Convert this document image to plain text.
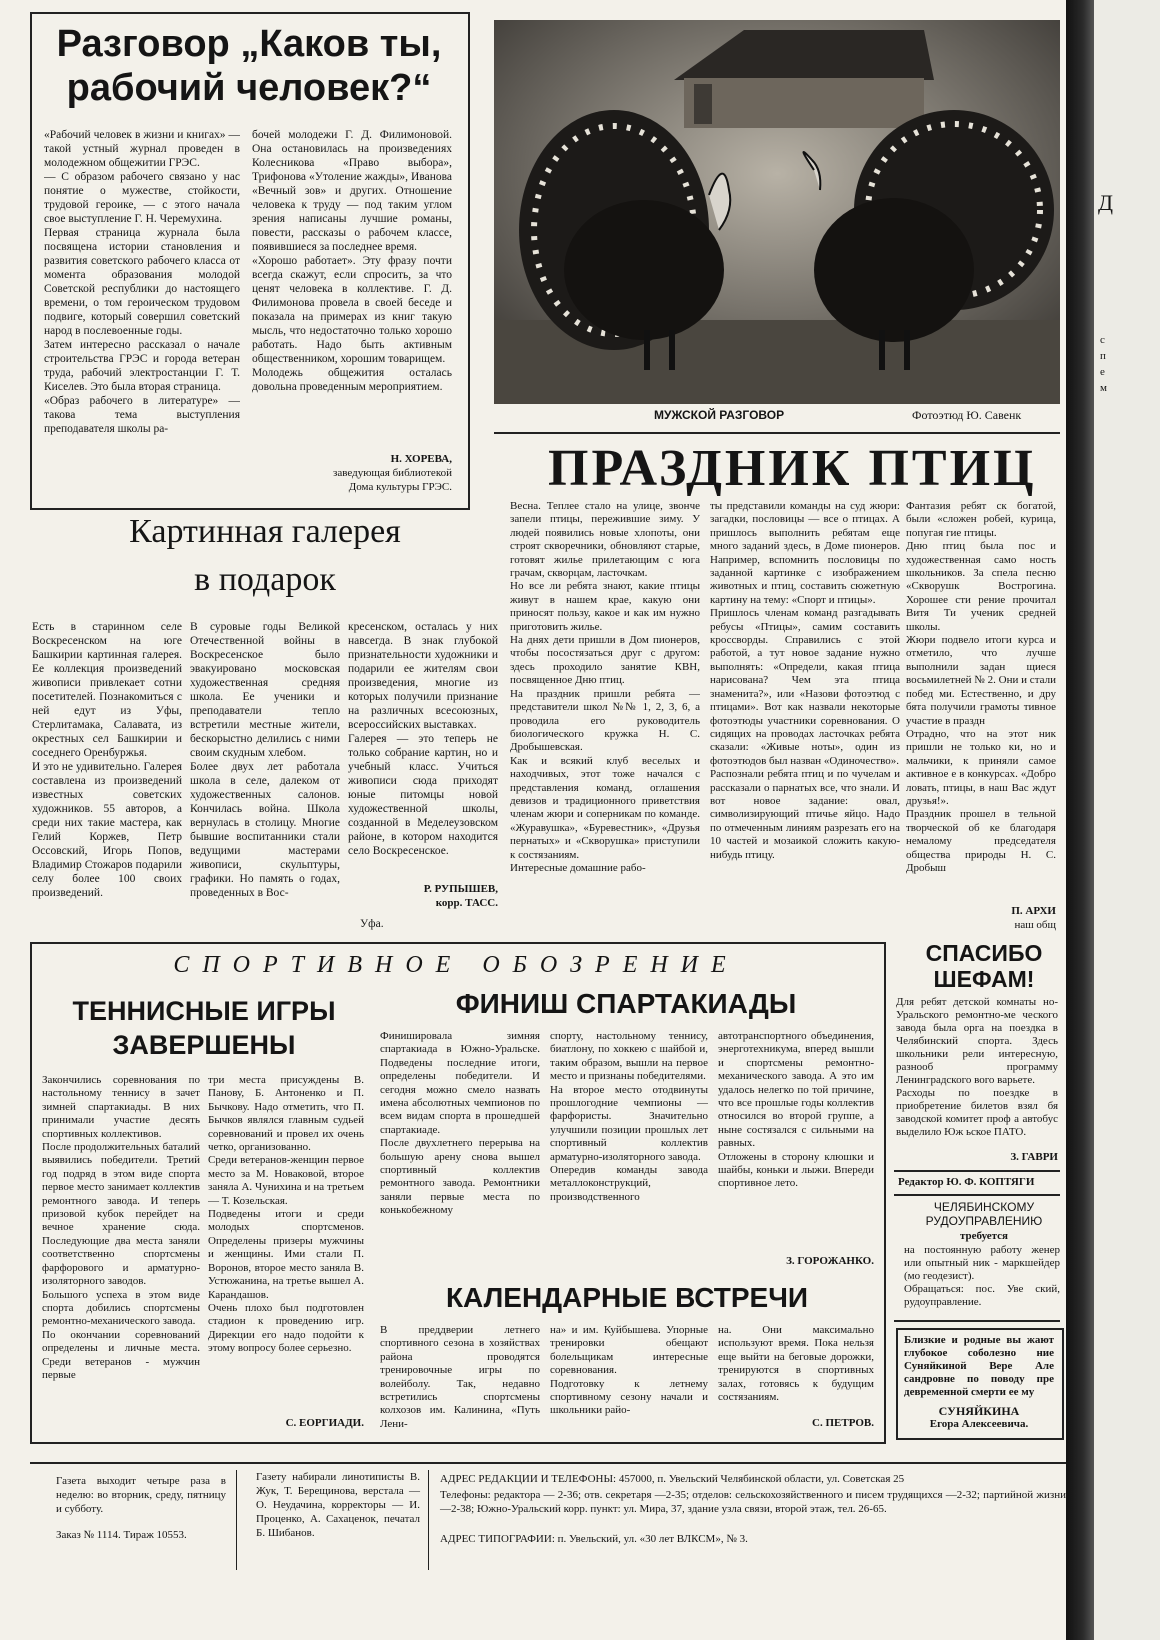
Разговор „Каков ты,
рабочий человек?“
«Рабочий человек в жизни и книгах» — такой устный журнал проведен в молодежном общежитии ГРЭС.
— С образом рабочего связано у нас понятие о мужестве, стойкости, трудовой героике, — с этого начала свое выступление Г. Н. Черемухина.
Первая страница журнала была посвящена истории становления и развития советского рабочего класса от момента образования молодой Советской республики до настоящего времени, о том героическом трудовом подвиге, который совершил советский народ в послевоенные годы.
Затем интересно рассказал о начале строительства ГРЭС и города ветеран труда, рабочий электростанции Г. Т. Киселев. Это была вторая страница.
«Образ рабочего в литературе» — такова тема выступления преподавателя школы ра-
бочей молодежи Г. Д. Филимоновой. Она остановилась на произведениях Колесникова «Право выбора», Трифонова «Утоление жажды», Иванова «Вечный зов» и других. Отношение человека к труду — под таким углом зрения написаны лучшие романы, повести, рассказы о рабочем классе, появившиеся за последнее время.
«Хорошо работает». Эту фразу почти всегда скажут, если спросить, за что ценят человека в коллективе. Г. Д. Филимонова провела в своей беседе и показала на примерах из книг такую мысль, что недостаточно только хорошо работать. Надо быть активным общественником, хорошим товарищем.
Молодежь общежития осталась довольна проведенным мероприятием.
Н. ХОРЕВА,
заведующая библиотекой
Дома культуры ГРЭС.
МУЖСКОЙ РАЗГОВОР	Фотоэтюд Ю. Савенк
ПРАЗДНИК ПТИЦ
Весна. Теплее стало на улице, звонче запели птицы, пережившие зиму. У людей появились новые хлопоты, они строят скворечники, обновляют старые, готовят жилье прилетающим с юга грачам, скворцам, ласточкам.
Но все ли ребята знают, какие птицы живут в нашем крае, какую они приносят пользу, какое и как им нужно приготовить жилье.
На днях дети пришли в Дом пионеров, чтобы посостязаться друг с другом: здесь проходило занятие КВН, посвященное Дню птиц.
На праздник пришли ребята — представители школ №№ 1, 2, 3, 6, а проводила его руководитель биологического кружка Н. С. Дробышевская.
Как и всякий клуб веселых и находчивых, этот тоже начался с представления команд, оглашения девизов и традиционного приветствия членам жюри и соперникам по команде. «Журавушка», «Буревестник», «Друзья пернатых» и «Скворушка» приступили к состязаниям.
Интересные домашние рабо-
ты представили команды на суд жюри: загадки, пословицы — все о птицах. А пришлось выполнить ребятам еще много заданий здесь, в Доме пионеров. Например, вспомнить пословицы по заданной картинке с изображением животных и птиц, составить сюжетную картину на тему: «Спорт и птицы».
Пришлось членам команд разгадывать ребусы «Птицы», самим составить кроссворды. Справились с этой работой, а тут новое задание нужно выполнять: «Определи, какая птица нарисована? Чем эта птица знаменита?», или «Назови фотоэтюд с птицами». Вот как назвали некоторые фотоэтюды участники соревнования. О сидящих на проводах ласточках ребята сказали: «Живые ноты», один из фотоэтюдов был назван «Одиночество».
Распознали ребята птиц и по чучелам и рассказали о парнатых все, что знали. И вот новое задание: овал, символизирующий птичье яйцо. Надо по отмеченным линиям разрезать его на 10 частей и мозаикой сложить какую-нибудь птицу.
Фантазия ребят ск богатой, были «сложен робей, курица, попугая гие птицы.
Дню птиц была пос и художественная само ность школьников. За спела песню «Скворушк Вострогина. Хорошее сти рение прочитал Витя Ти ученик средней школы.
Жюри подвело итоги курса и отметило, что лучше выполнили задан щиеся восьмилетней № 2. Они и стали побед ми. Естественно, и дру бята получили грамоты тивное участие в праздн
Отрадно, что на этот ник пришли не только ки, но и мальчики, к приняли самое активное е в конкурсах. «Добро ловать, птицы, в наш Вас ждут друзья!».
Праздник прошел в тельной творческой об ке благодаря немалому председателя общества природы Н. С. Дробыш
П. АРХИ
наш общ
Картинная галерея
в подарок
Есть в старинном селе Воскресенском на юге Башкирии картинная галерея. Ее коллекция произведений живописи привлекает сотни посетителей. Познакомиться с ней едут из Уфы, Стерлитамака, Салавата, из окрестных сел Башкирии и соседнего Оренбуржья.
И это не удивительно. Галерея составлена из произведений известных советских художников. 55 авторов, а среди них такие мастера, как Гелий Коржев, Петр Оссовский, Игорь Попов, Владимир Стожаров подарили селу более 100 своих произведений.
В суровые годы Великой Отечественной войны в Воскресенское было эвакуировано московская художественная средняя школа. Ее ученики и преподаватели тепло встретили местные жители, бескорыстно делились с ними своим скудным хлебом.
Более двух лет работала школа в селе, далеком от художественных салонов. Кончилась война. Школа вернулась в столицу. Многие бывшие воспитанники стали ведущими мастерами живописи, скульптуры, графики. Но память о годах, проведенных в Вос-
кресенском, осталась у них навсегда. В знак глубокой признательности художники и подарили ее жителям свои произведения, многие из которых получили признание на различных всесоюзных, всероссийских выставках.
Галерея — это теперь не только собрание картин, но и учебный класс. Учиться живописи сюда приходят юные питомцы новой художественной школы, созданной в Меделеузовском районе, в котором находится село Воскресенское.
Р. РУПЫШЕВ,
корр. ТАСС.
Уфа.
СПОРТИВНОЕ ОБОЗРЕНИЕ
ТЕННИСНЫЕ ИГРЫ
ЗАВЕРШЕНЫ
Закончились соревнования по настольному теннису в зачет зимней спартакиады. В них принимали участие десять спортивных коллективов.
После продолжительных баталий выявились победители. Третий год подряд в этом виде спорта первое место занимает коллектив ремонтного завода. И теперь призовой кубок перейдет на вечное хранение сюда. Последующие два места заняли соответственно спортсмены фарфорового и арматурно-изоляторного заводов.
Большого успеха в этом виде спорта добились спортсмены ремонтно-механического завода.
По окончании соревнований определены и личные места. Среди ветеранов - мужчин первые
три места присуждены В. Панову, Б. Антоненко и П. Бычкову. Надо отметить, что П. Бычков являлся главным судьей соревнований и провел их очень четко, организованно.
Среди ветеранов-женщин первое место за М. Новаковой, второе заняла А. Чунихина и на третьем — Т. Козельская.
Подведены итоги и среди молодых спортсменов. Определены призеры мужчины и женщины. Ими стали П. Воронов, второе место заняла В. Устюжанина, на третье вышел А. Карандашов.
Очень плохо был подготовлен стадион к проведению игр. Дирекции его надо подойти к этому вопросу более серьезно.
С. ЕОРГИАДИ.
ФИНИШ СПАРТАКИАДЫ
Финишировала зимняя спартакиада в Южно-Уральске. Подведены последние итоги, определены победители. И сегодня можно смело назвать имена абсолютных чемпионов по всем видам спорта в прошедшей спартакиаде.
После двухлетнего перерыва на большую арену снова вышел спортивный коллектив ремонтного завода. Ремонтники заняли первые места по конькобежному
спорту, настольному теннису, биатлону, по хоккею с шайбой и, таким образом, вышли на первое место и признаны победителями.
На второе место отодвинуты прошлогодние чемпионы — фарфористы. Значительно улучшили позиции прошлых лет спортивный коллектив арматурно-изоляторного завода.
Опередив команды завода металлоконструкций, производственного
автотранспортного объединения, энерготехникума, вперед вышли и спортсмены ремонтно-механического завода. А это им удалось нелегко по той причине, что все прошлые годы коллектив относился во второй группе, а ныне состязался с сильными на равных.
Отложены в сторону клюшки и шайбы, коньки и лыжи. Впереди спортивное лето.
З. ГОРОЖАНКО.
КАЛЕНДАРНЫЕ ВСТРЕЧИ
В преддверии летнего спортивного сезона в хозяйствах района проводятся тренировочные игры по волейболу. Так, недавно встретились спортсмены колхозов им. Калинина, «Путь Лени-
на» и им. Куйбышева. Упорные тренировки обещают болельщикам интересные соревнования.
Подготовку к летнему спортивному сезону начали и школьники райо-
на. Они максимально используют время. Пока нельзя еще выйти на беговые дорожки, тренируются в спортивных залах, готовясь к будущим состязаниям.
С. ПЕТРОВ.
СПАСИБО
ШЕФАМ!
Для ребят детской комнаты но-Уральского ремонтно-ме ческого завода была орга на поездка в Челябинский спорта. Здесь школьники рели интересную, разнооб программу Ленинградского вого варьете.
Расходы по поездке в приобретение билетов взял бя заводской комитет проф а автобус выделило Юж ьское ПАТО.
З. ГАВРИ
Редактор Ю. Ф. КОПТЯГИ
ЧЕЛЯБИНСКОМУ
РУДОУПРАВЛЕНИЮ
требуется
на постоянную работу женер или опытный ник - маркшейдер (мо геодезист).
Обращаться: пос. Уве ский, рудоуправление.
Близкие и родные вы жают глубокое соболезно ние Суняйкиной Вере Але сандровне по поводу пре девременной смерти ее му
СУНЯЙКИНА
Егора Алексеевича.
Газета выходит четыре раза в неделю: во вторник, среду, пятницу и субботу.
Заказ № 1114. Тираж 10553.
Газету набирали линотиписты В. Жук, Т. Берещинова, верстала — О. Неудачина, корректоры — И. Проценко, А. Сахаценок, печатал Б. Шибанов.
АДРЕС РЕДАКЦИИ И ТЕЛЕФОНЫ: 457000, п. Увельский Челябинской области, ул. Советская 25
Телефоны: редактора — 2-36; отв. секретаря —2-35; отделов: сельскохозяйственного и писем трудящихся —2-32; партийной жизни—2-38; Южно-Уральский корр. пункт: ул. Мира, 37, здание узла связи, второй этаж, тел. 26-65.
АДРЕС ТИПОГРАФИИ: п. Увельский, ул. «30 лет ВЛКСМ», № 3.
Д
с
п
е
м
